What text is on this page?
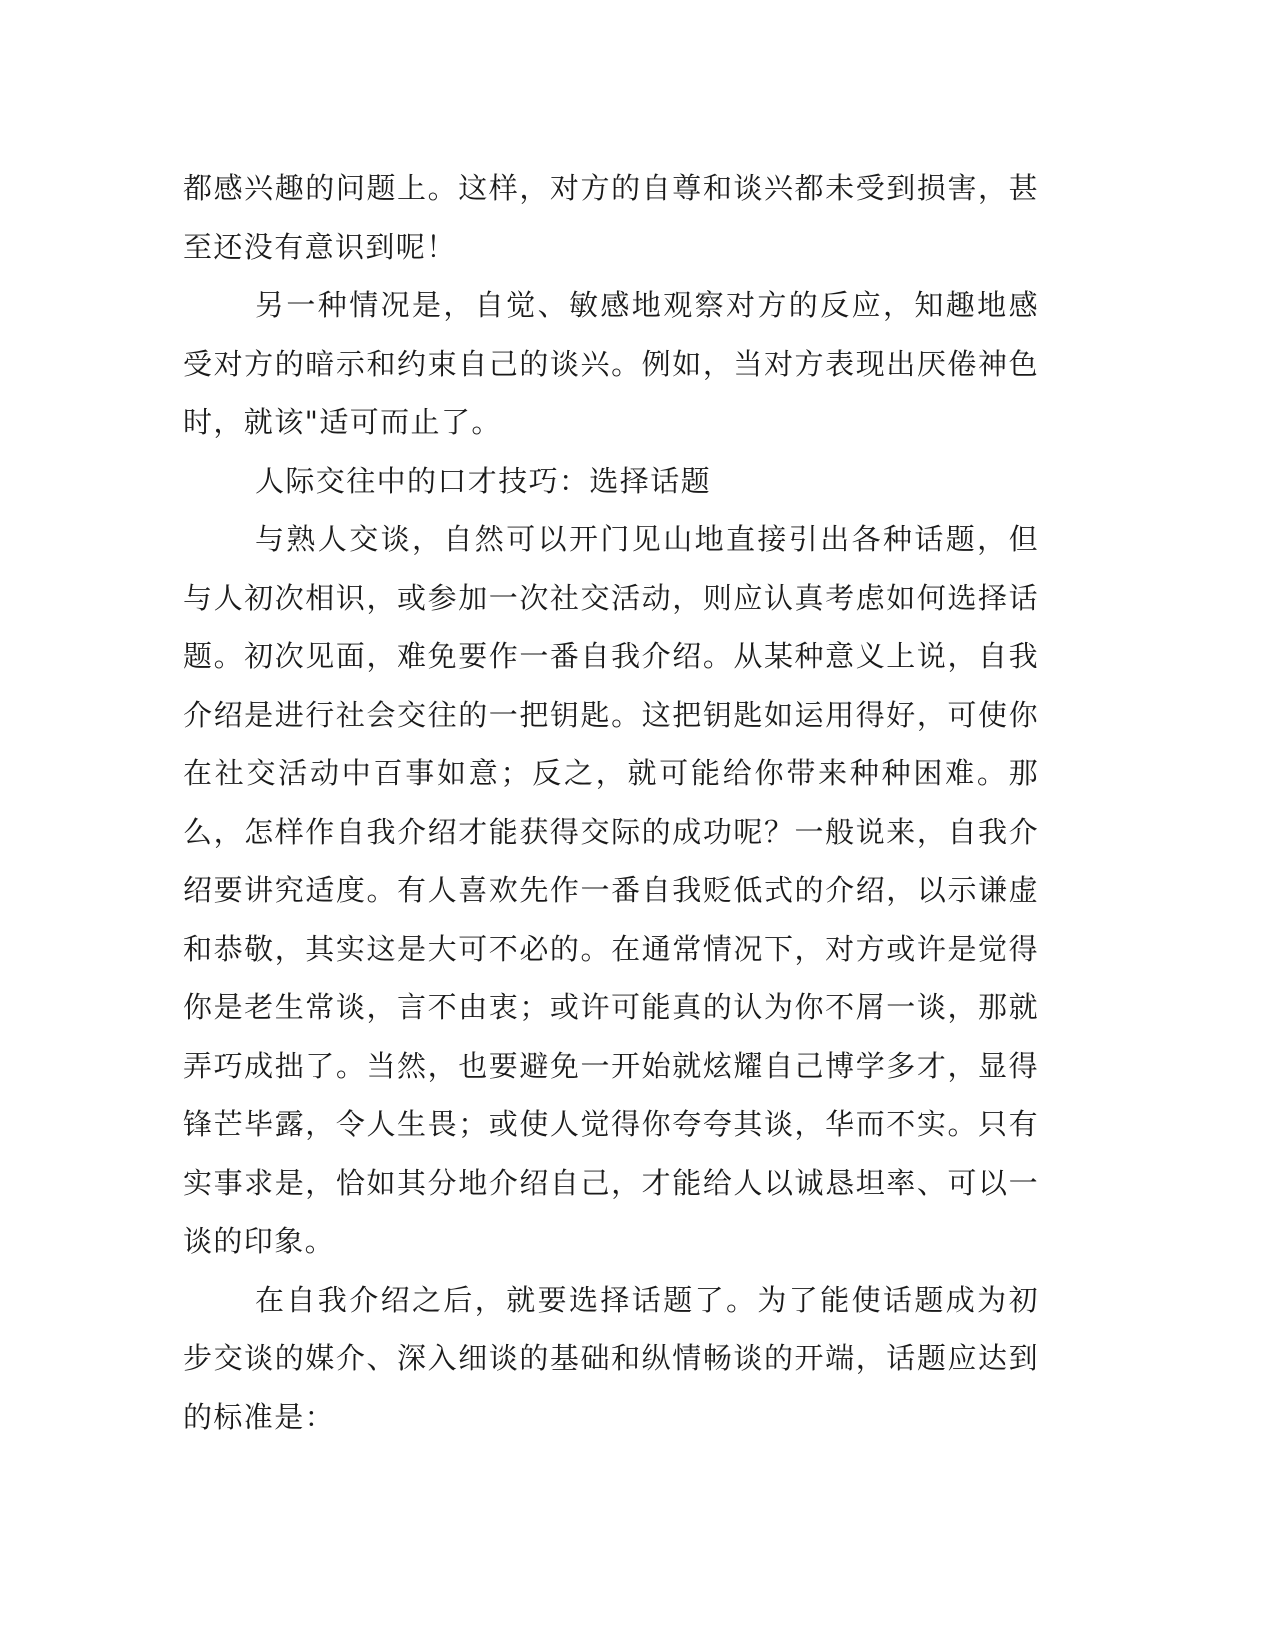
都感兴趣的问题上。这样，对方的自尊和谈兴都未受到损害，甚至还没有意识到呢！

另一种情况是，自觉、敏感地观察对方的反应，知趣地感受对方的暗示和约束自己的谈兴。例如，当对方表现出厌倦神色时，就该"适可而止了。

人际交往中的口才技巧：选择话题

与熟人交谈，自然可以开门见山地直接引出各种话题，但与人初次相识，或参加一次社交活动，则应认真考虑如何选择话题。初次见面，难免要作一番自我介绍。从某种意义上说，自我介绍是进行社会交往的一把钥匙。这把钥匙如运用得好，可使你在社交活动中百事如意；反之，就可能给你带来种种困难。那么，怎样作自我介绍才能获得交际的成功呢？一般说来，自我介绍要讲究适度。有人喜欢先作一番自我贬低式的介绍，以示谦虚和恭敬，其实这是大可不必的。在通常情况下，对方或许是觉得你是老生常谈，言不由衷；或许可能真的认为你不屑一谈，那就弄巧成拙了。当然，也要避免一开始就炫耀自己博学多才，显得锋芒毕露，令人生畏；或使人觉得你夸夸其谈，华而不实。只有实事求是，恰如其分地介绍自己，才能给人以诚恳坦率、可以一谈的印象。

在自我介绍之后，就要选择话题了。为了能使话题成为初步交谈的媒介、深入细谈的基础和纵情畅谈的开端，话题应达到的标准是：
